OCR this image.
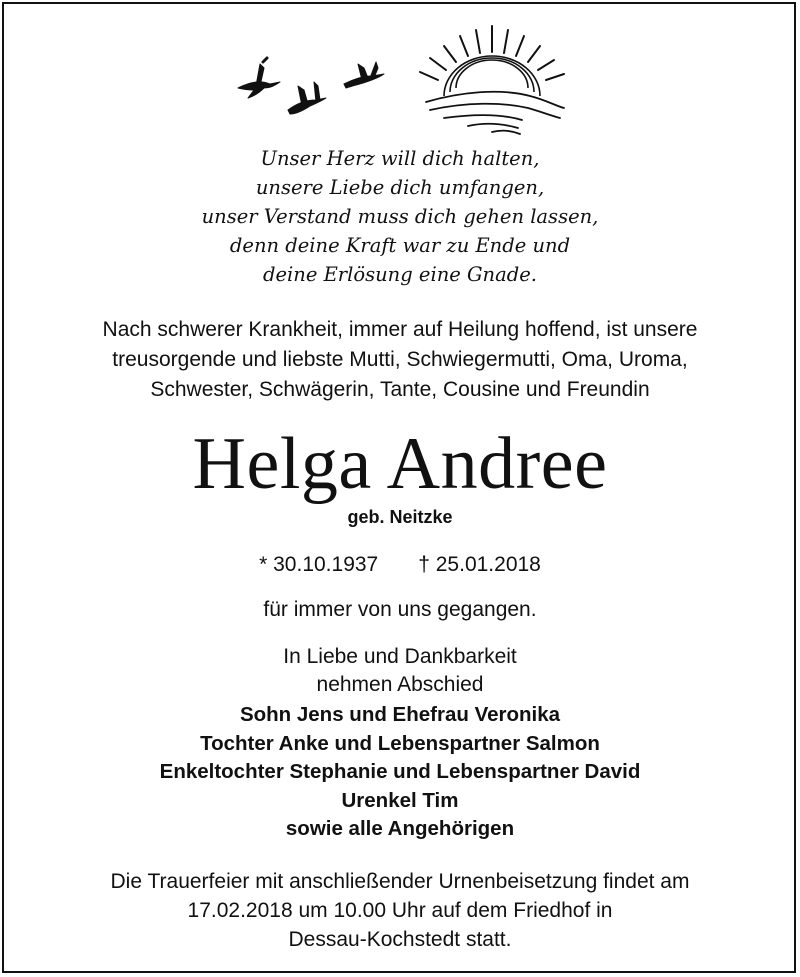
Unser Herz will dich halten,
unsere Liebe dich umfangen,
unser Verstand muss dich gehen lassen,
denn deine Kraft war zu Ende und
deine Erlösung eine Gnade.
Nach schwerer Krankheit, immer auf Heilung hoffend, ist unsere
treusorgende und liebste Mutti, Schwiegermutti, Oma, Uroma,
Schwester, Schwägerin, Tante, Cousine und Freundin
Helga Andree
geb. Neitzke
* 30.10.1937 † 25.01.2018
für immer von uns gegangen.
In Liebe und Dankbarkeit
nehmen Abschied
Sohn Jens und Ehefrau Veronika
Tochter Anke und Lebenspartner Salmon
Enkeltochter Stephanie und Lebenspartner David
Urenkel Tim
sowie alle Angehörigen
Die Trauerfeier mit anschließender Urnenbeisetzung findet am
17.02.2018 um 10.00 Uhr auf dem Friedhof in
Dessau-Kochstedt statt.
